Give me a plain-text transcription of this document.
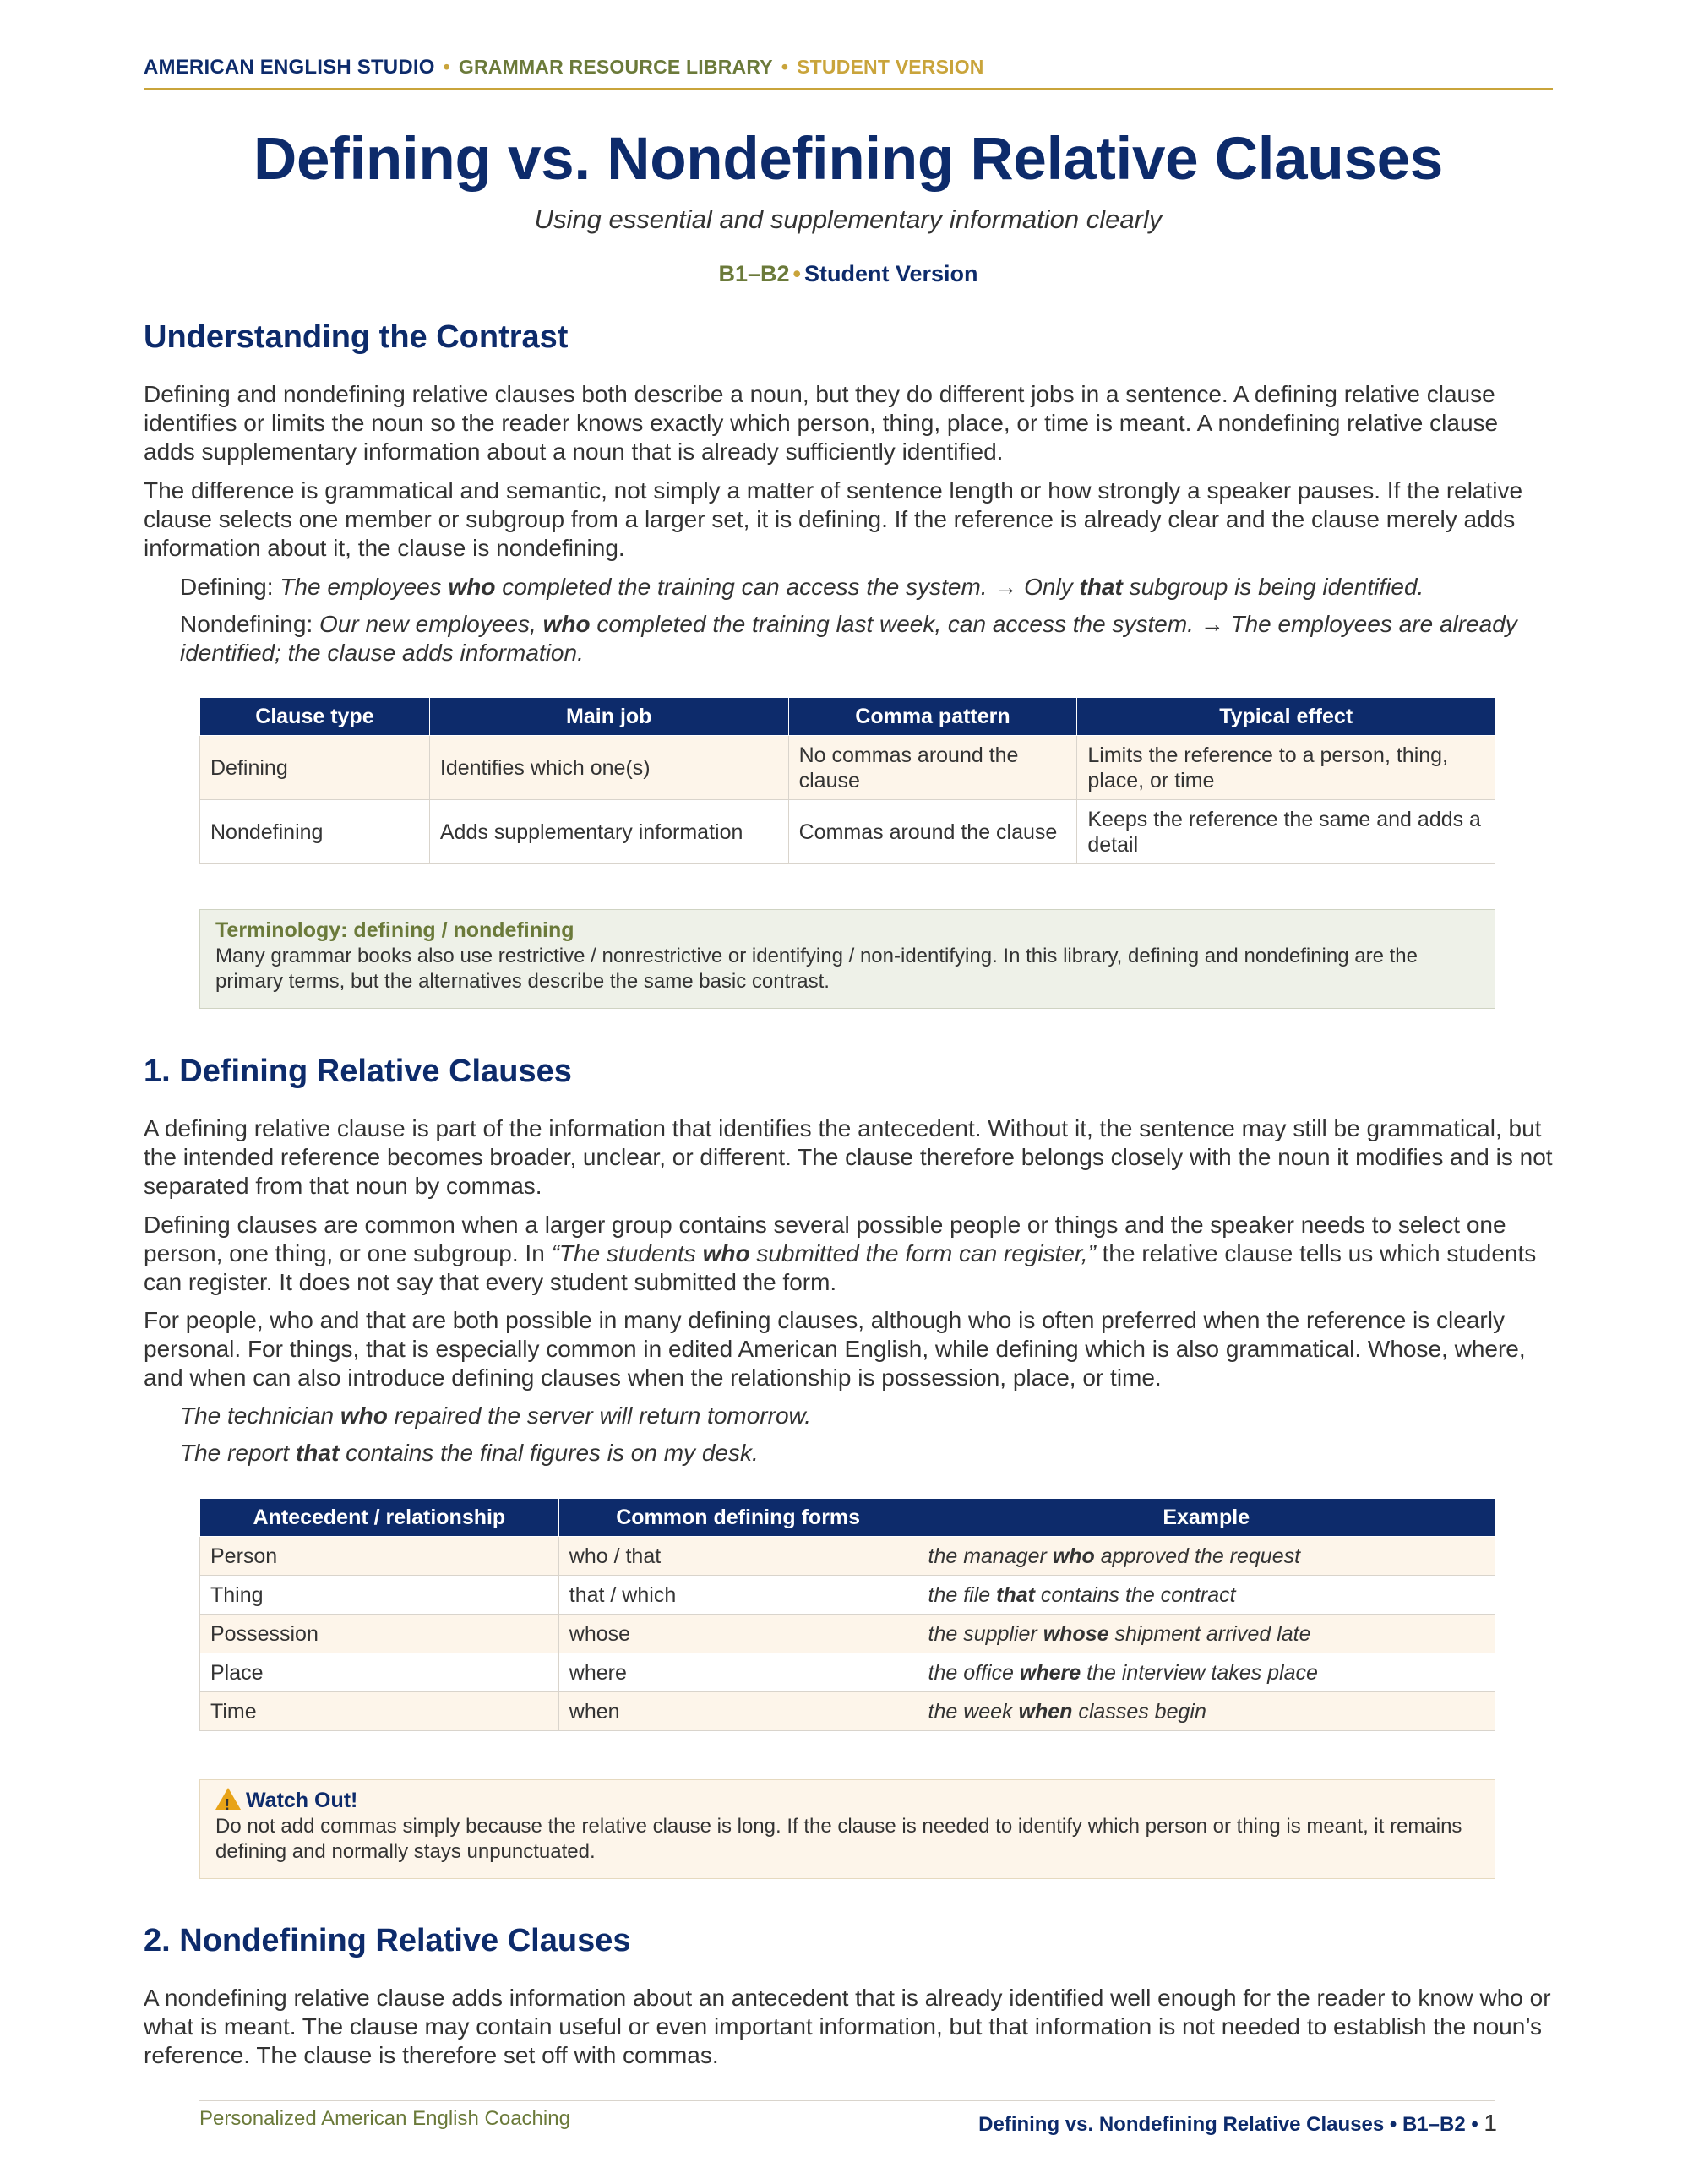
AMERICAN ENGLISH STUDIO • GRAMMAR RESOURCE LIBRARY • STUDENT VERSION
Defining vs. Nondefining Relative Clauses
Using essential and supplementary information clearly
B1–B2 • Student Version
Understanding the Contrast
Defining and nondefining relative clauses both describe a noun, but they do different jobs in a sentence. A defining relative clause identifies or limits the noun so the reader knows exactly which person, thing, place, or time is meant. A nondefining relative clause adds supplementary information about a noun that is already sufficiently identified.
The difference is grammatical and semantic, not simply a matter of sentence length or how strongly a speaker pauses. If the relative clause selects one member or subgroup from a larger set, it is defining. If the reference is already clear and the clause merely adds information about it, the clause is nondefining.
Defining: The employees who completed the training can access the system. → Only that subgroup is being identified.
Nondefining: Our new employees, who completed the training last week, can access the system. → The employees are already identified; the clause adds information.
Clause type	Main job	Comma pattern	Typical effect
Defining	Identifies which one(s)	No commas around the clause	Limits the reference to a person, thing, place, or time
Nondefining	Adds supplementary information	Commas around the clause	Keeps the reference the same and adds a detail
Terminology: defining / nondefining
Many grammar books also use restrictive / nonrestrictive or identifying / non-identifying. In this library, defining and nondefining are the primary terms, but the alternatives describe the same basic contrast.
1. Defining Relative Clauses
A defining relative clause is part of the information that identifies the antecedent. Without it, the sentence may still be grammatical, but the intended reference becomes broader, unclear, or different. The clause therefore belongs closely with the noun it modifies and is not separated from that noun by commas.
Defining clauses are common when a larger group contains several possible people or things and the speaker needs to select one person, one thing, or one subgroup. In “The students who submitted the form can register,” the relative clause tells us which students can register. It does not say that every student submitted the form.
For people, who and that are both possible in many defining clauses, although who is often preferred when the reference is clearly personal. For things, that is especially common in edited American English, while defining which is also grammatical. Whose, where, and when can also introduce defining clauses when the relationship is possession, place, or time.
The technician who repaired the server will return tomorrow.
The report that contains the final figures is on my desk.
Antecedent / relationship	Common defining forms	Example
Person	who / that	the manager who approved the request
Thing	that / which	the file that contains the contract
Possession	whose	the supplier whose shipment arrived late
Place	where	the office where the interview takes place
Time	when	the week when classes begin
!Watch Out!
Do not add commas simply because the relative clause is long. If the clause is needed to identify which person or thing is meant, it remains defining and normally stays unpunctuated.
2. Nondefining Relative Clauses
A nondefining relative clause adds information about an antecedent that is already identified well enough for the reader to know who or what is meant. The clause may contain useful or even important information, but that information is not needed to establish the noun’s reference. The clause is therefore set off with commas.
Personalized American English Coaching	Defining vs. Nondefining Relative Clauses • B1–B2 • 1
